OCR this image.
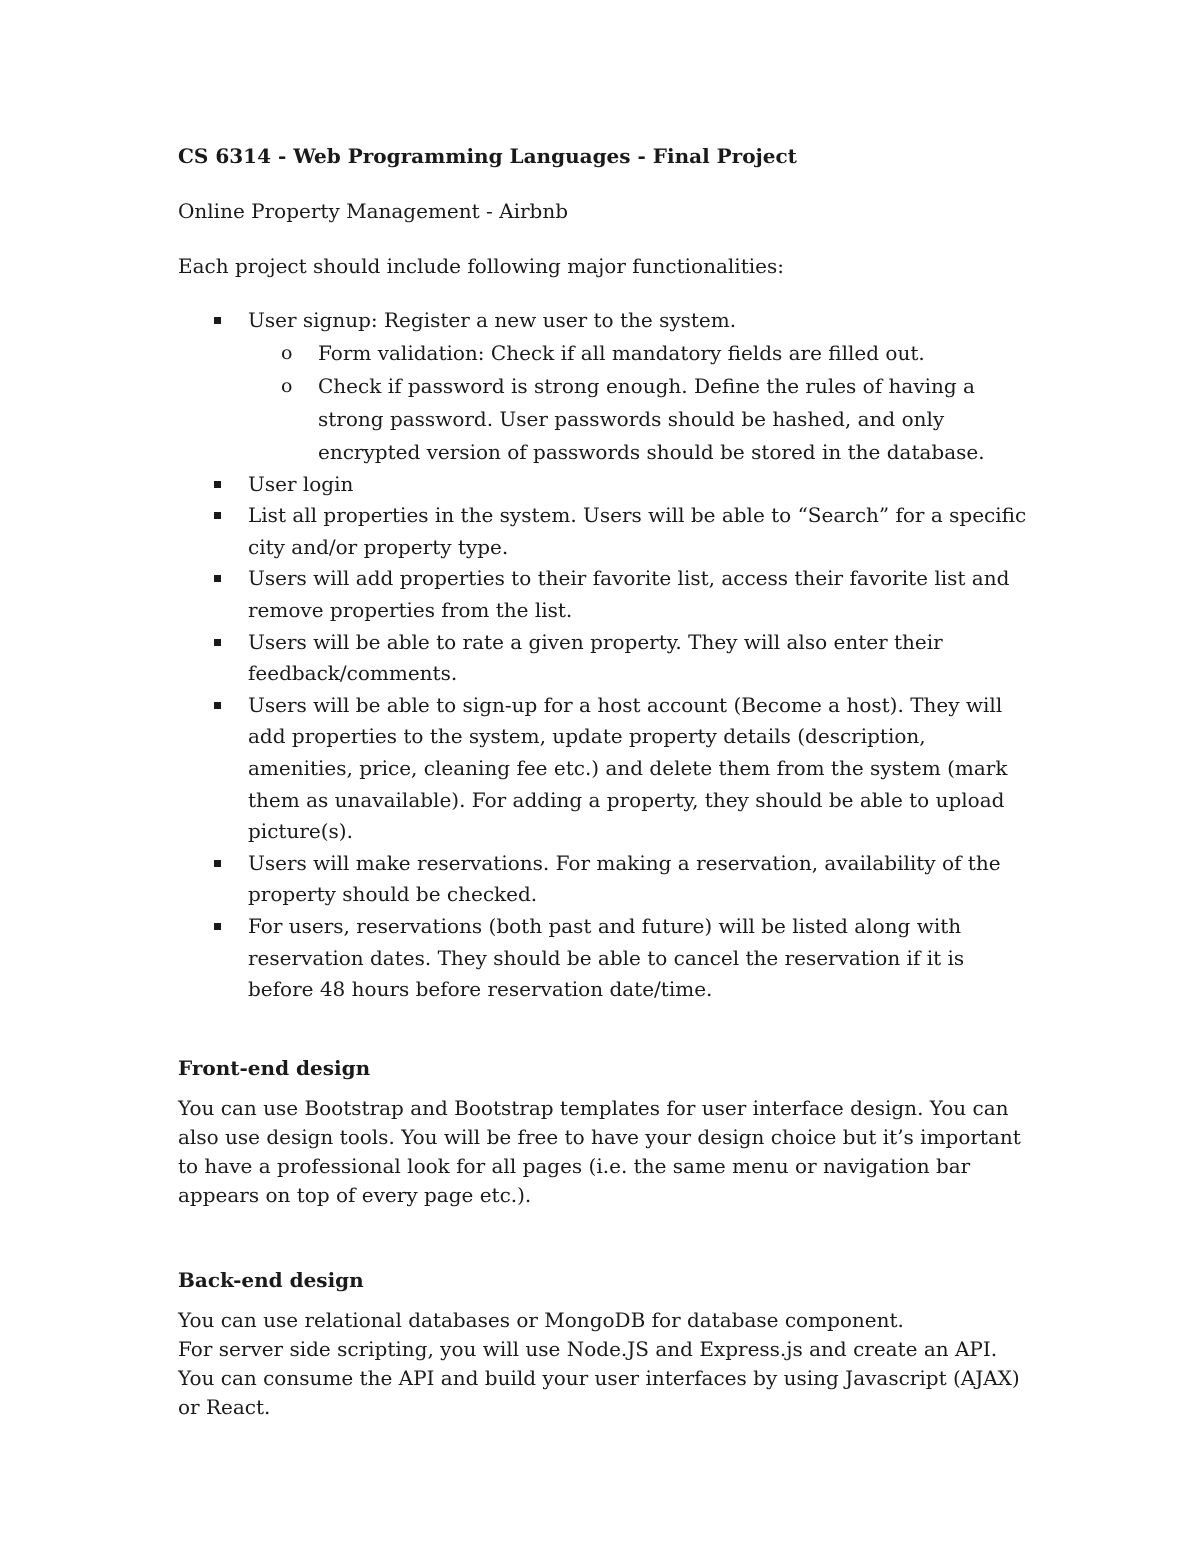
CS 6314 - Web Programming Languages - Final Project

Online Property Management - Airbnb

Each project should include following major functionalities:

User signup: Register a new user to the system.
o Form validation: Check if all mandatory fields are filled out.
o Check if password is strong enough. Define the rules of having a strong password. User passwords should be hashed, and only encrypted version of passwords should be stored in the database.
User login
List all properties in the system. Users will be able to “Search” for a specific city and/or property type.
Users will add properties to their favorite list, access their favorite list and remove properties from the list.
Users will be able to rate a given property. They will also enter their feedback/comments.
Users will be able to sign-up for a host account (Become a host). They will add properties to the system, update property details (description, amenities, price, cleaning fee etc.) and delete them from the system (mark them as unavailable). For adding a property, they should be able to upload picture(s).
Users will make reservations. For making a reservation, availability of the property should be checked.
For users, reservations (both past and future) will be listed along with reservation dates. They should be able to cancel the reservation if it is before 48 hours before reservation date/time.

Front-end design

You can use Bootstrap and Bootstrap templates for user interface design. You can also use design tools. You will be free to have your design choice but it’s important to have a professional look for all pages (i.e. the same menu or navigation bar appears on top of every page etc.).

Back-end design

You can use relational databases or MongoDB for database component.
For server side scripting, you will use Node.JS and Express.js and create an API.
You can consume the API and build your user interfaces by using Javascript (AJAX) or React.
